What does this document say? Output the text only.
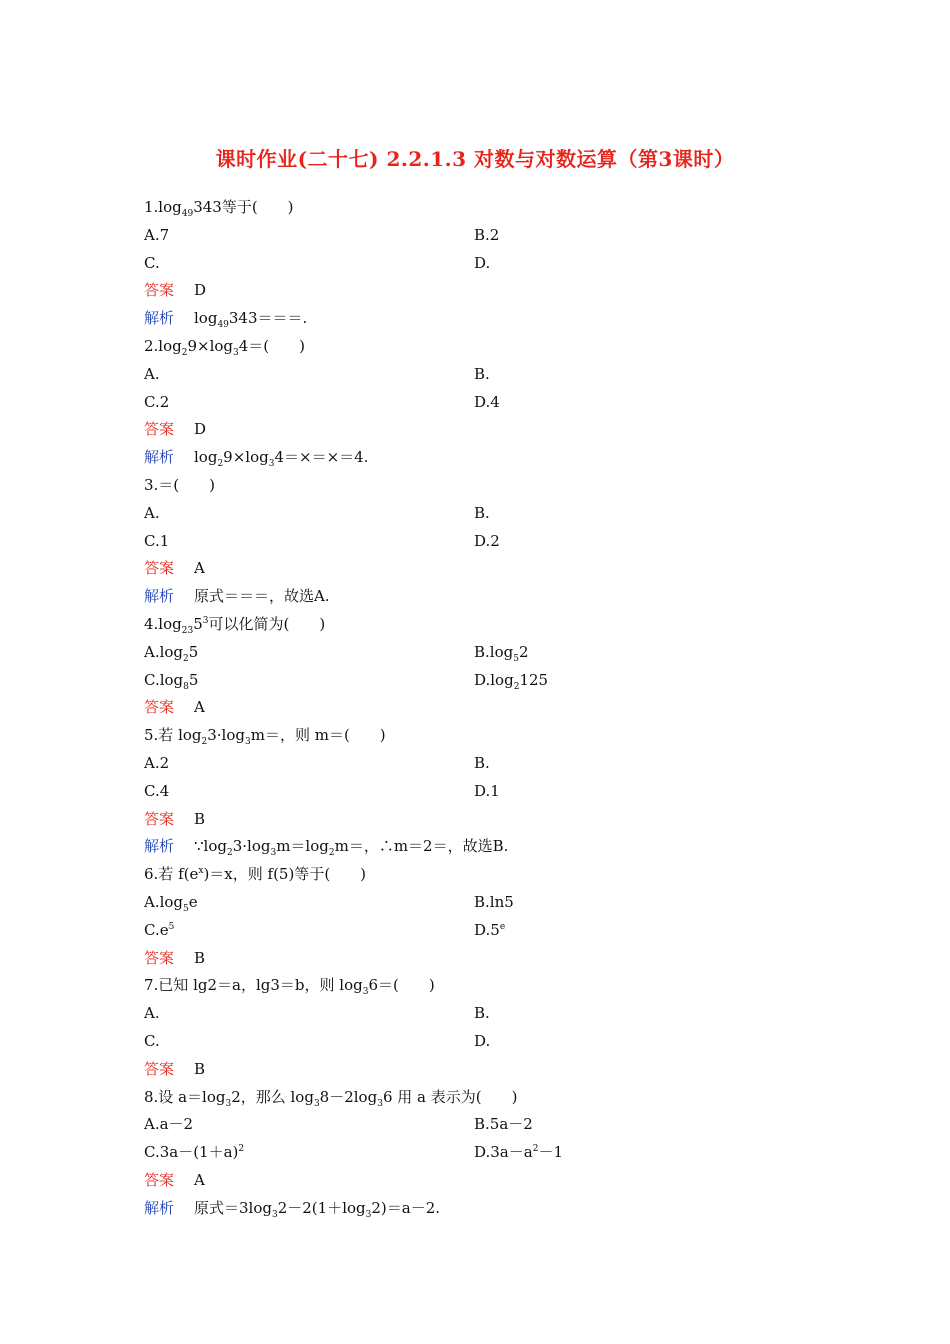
课时作业(二十七) 2.2.1.3 对数与对数运算（第3课时）
$1.\log_{49}343$等于(　　)
A.7	B.2
C.	D.
答案 D
解析 $\log_{49}343===$.
$2.\log_29\times\log_34=$(　　)
A.	B.
C.2	D.4
答案 D
解析 $\log_29\times\log_34=\times=\times=4$.
3.＝(　　)
A.	B.
C.1	D.2
答案 A
解析 原式＝＝＝，故选A.
$4.\log_{23}5^3$可以化简为(　　)
$A.\log_25$	$B.\log_52$
$C.\log_85$	$D.\log_2125$
答案 A
5.若 $\log_23\cdot\log_3m=$，则 m＝(　　)
A.2	B.
C.4	D.1
答案 B
解析 $\because\log_23\cdot\log_3m=\log_2m=$，∴m＝2＝，故选B.
6.若 $f(e^x)=x$，则 f(5)等于(　　)
$A.\log_5e$	B.ln5
$C.e^5$	D.5e
答案 B
7.已知 lg2＝a，lg3＝b，则 $\log_36=$(　　)
A.	B.
C.	D.
答案 B
8.设 $a=\log_32$，那么 $\log_38-2\log_36$ 用 a 表示为(　　)
A.a－2	B.5a－2
$C.3a-(1+a)^2$	$D.3a-a^2-1$
答案 A
解析 原式$=3\log_32-2(1+\log_32)=a-2$.
